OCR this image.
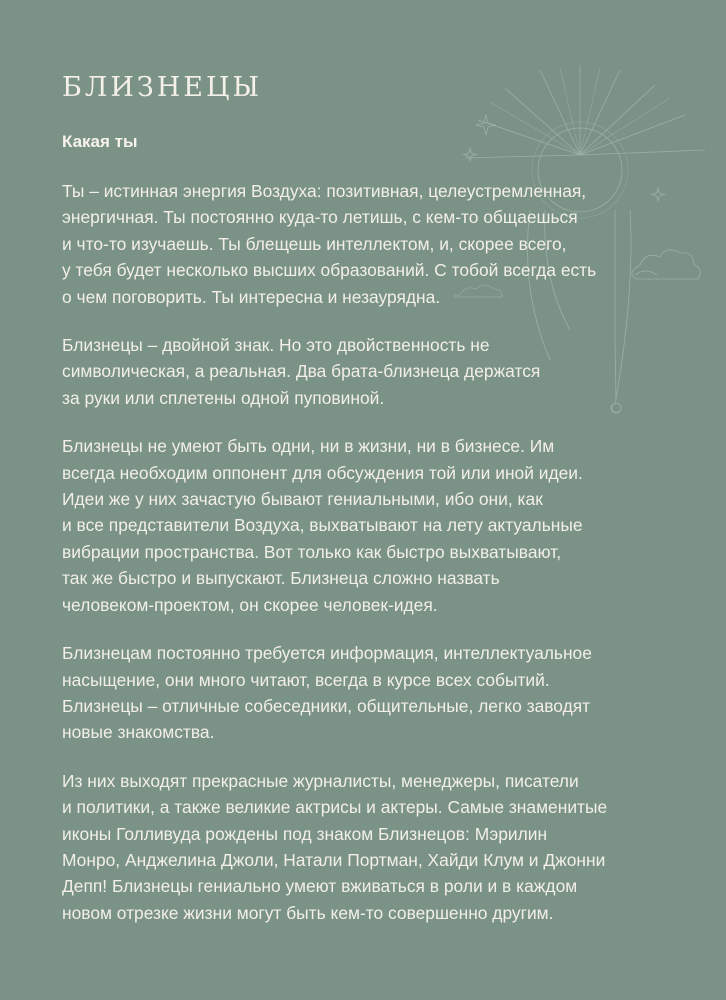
БЛИЗНЕЦЫ
Какая ты

Ты – истинная энергия Воздуха: позитивная, целеустремленная,
энергичная. Ты постоянно куда-то летишь, с кем-то общаешься
и что-то изучаешь. Ты блещешь интеллектом, и, скорее всего,
у тебя будет несколько высших образований. С тобой всегда есть
о чем поговорить. Ты интересна и незаурядна.

Близнецы – двойной знак. Но это двойственность не
символическая, а реальная. Два брата-близнеца держатся
за руки или сплетены одной пуповиной.

Близнецы не умеют быть одни, ни в жизни, ни в бизнесе. Им
всегда необходим оппонент для обсуждения той или иной идеи.
Идеи же у них зачастую бывают гениальными, ибо они, как
и все представители Воздуха, выхватывают на лету актуальные
вибрации пространства. Вот только как быстро выхватывают,
так же быстро и выпускают. Близнеца сложно назвать
человеком-проектом, он скорее человек-идея.

Близнецам постоянно требуется информация, интеллектуальное
насыщение, они много читают, всегда в курсе всех событий.
Близнецы – отличные собеседники, общительные, легко заводят
новые знакомства.

Из них выходят прекрасные журналисты, менеджеры, писатели
и политики, а также великие актрисы и актеры. Самые знаменитые
иконы Голливуда рождены под знаком Близнецов: Мэрилин
Монро, Анджелина Джоли, Натали Портман, Хайди Клум и Джонни
Депп! Близнецы гениально умеют вживаться в роли и в каждом
новом отрезке жизни могут быть кем-то совершенно другим.
